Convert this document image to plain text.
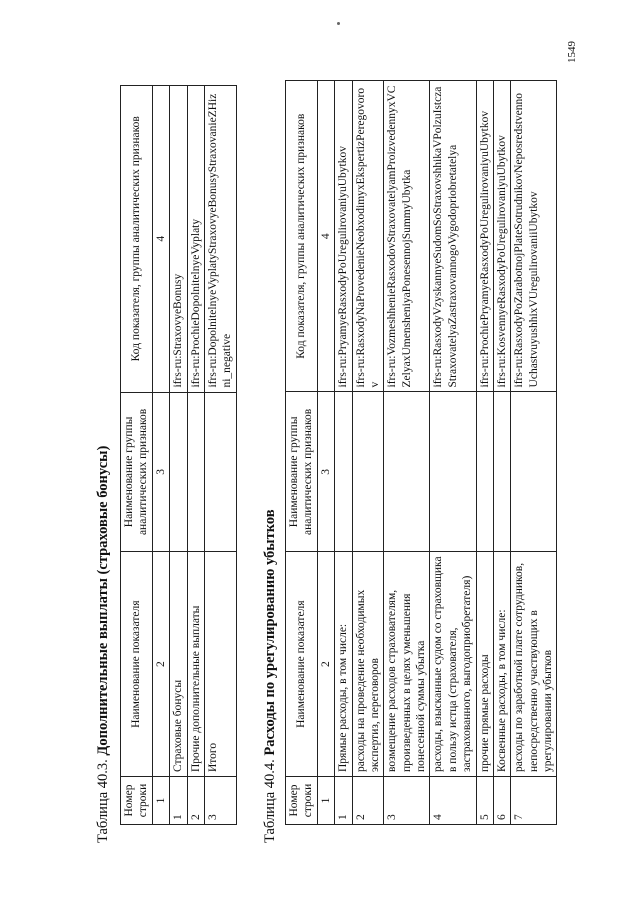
Таблица 40.3. Дополнительные выплаты (страховые бонусы)
Номер строки	Наименование показателя	Наименование группы аналитических признаков	Код показателя, группы аналитических признаков
1	2	3	4
1	Страховые бонусы		ifrs-ru:StraxovyeBonusy
2	Прочие дополнительные выплаты		ifrs-ru:ProchieDopolnitelnyeVyplaty
3	Итого		ifrs-ru:DopolnitelnyeVyplatyStraxovyeBonusyStraxovanieZHizni_negative
Таблица 40.4. Расходы по урегулированию убытков
Номер строки	Наименование показателя	Наименование группы аналитических признаков	Код показателя, группы аналитических признаков
1	2	3	4
1	Прямые расходы, в том числе:		ifrs-ru:PryamyeRasxodyPoUregulirovaniyuUbytkov
2	расходы на проведение необходимых экспертиз, переговоров		ifrs-ru:RasxodyNaProvedenieNeobxodimyxEkspertizPeregovorov
3	возмещение расходов страхователям, произведенных в целях уменьшения понесенной суммы убытка		ifrs-ru:VozmeshhenieRasxodovStraxovatelyamProizvedennyxVCZelyaxUmensheniyaPonesennojSummyUbytka
4	расходы, взысканные судом со страховщика в пользу истца (страхователя, застрахованного, выгодоприобретателя)		ifrs-ru:RasxodyVzyskannyeSudomSoStraxovshhikaVPolzuIstczaStraxovatelyaZastraxovannogoVygodopriobretatelya
5	прочие прямые расходы		ifrs-ru:ProchiePryamyeRasxodyPoUregulirovaniyuUbytkov
6	Косвенные расходы, в том числе:		ifrs-ru:KosvennyeRasxodyPoUregulirovaniyuUbytkov
7	расходы по заработной плате сотрудников, непосредственно участвующих в урегулировании убытков		ifrs-ru:RasxodyPoZarabotnojPlateSotrudnikovNeposredstvennoUchastvuyushhixVUregulirovaniiUbytkov
1549
